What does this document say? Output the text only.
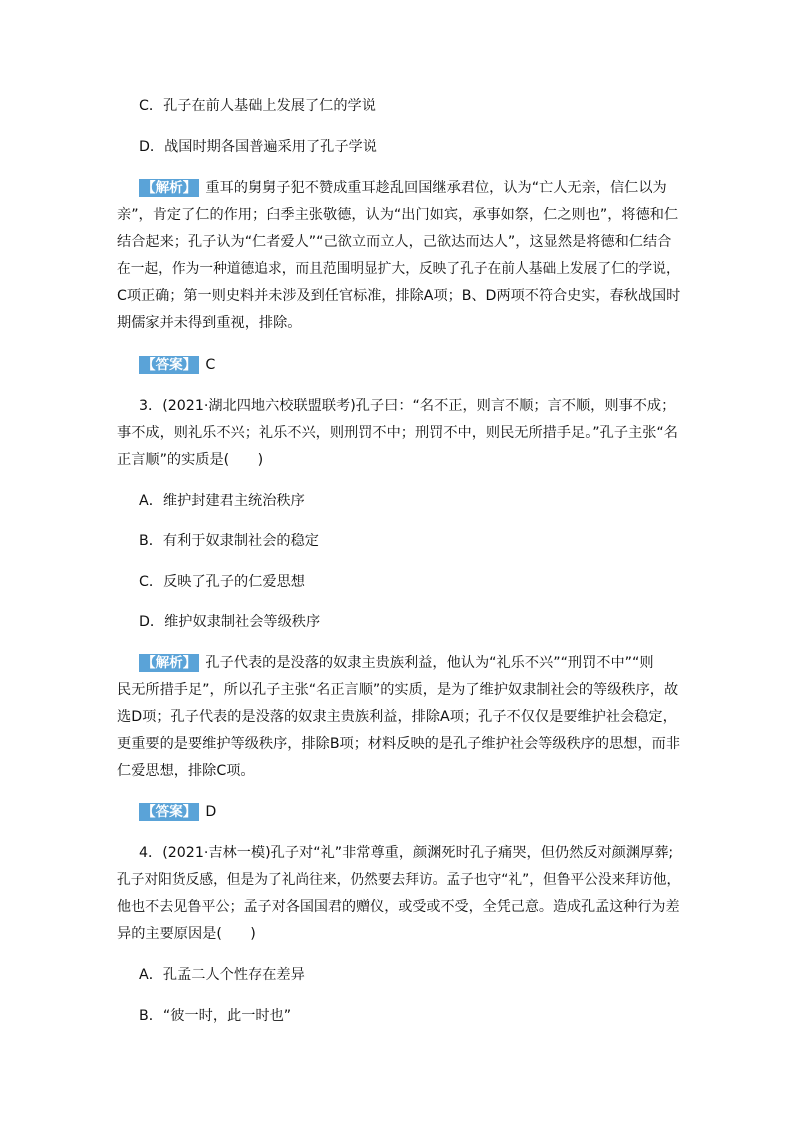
C．孔子在前人基础上发展了仁的学说
D．战国时期各国普遍采用了孔子学说
【解析】 重耳的舅舅子犯不赞成重耳趁乱回国继承君位，认为“亡人无亲，信仁以为
亲”，肯定了仁的作用；臼季主张敬德，认为“出门如宾，承事如祭，仁之则也”，将德和仁
结合起来；孔子认为“仁者爱人”“己欲立而立人，己欲达而达人”，这显然是将德和仁结合
在一起，作为一种道德追求，而且范围明显扩大，反映了孔子在前人基础上发展了仁的学说，
C项正确；第一则史料并未涉及到任官标准，排除A项；B、D两项不符合史实，春秋战国时
期儒家并未得到重视，排除。
【答案】 C
3．(2021·湖北四地六校联盟联考)孔子曰：“名不正，则言不顺；言不顺，则事不成；
事不成，则礼乐不兴；礼乐不兴，则刑罚不中；刑罚不中，则民无所措手足。”孔子主张“名
正言顺”的实质是(　　)
A．维护封建君主统治秩序
B．有利于奴隶制社会的稳定
C．反映了孔子的仁爱思想
D．维护奴隶制社会等级秩序
【解析】 孔子代表的是没落的奴隶主贵族利益，他认为“礼乐不兴”“刑罚不中”“则
民无所措手足”，所以孔子主张“名正言顺”的实质，是为了维护奴隶制社会的等级秩序，故
选D项；孔子代表的是没落的奴隶主贵族利益，排除A项；孔子不仅仅是要维护社会稳定，
更重要的是要维护等级秩序，排除B项；材料反映的是孔子维护社会等级秩序的思想，而非
仁爱思想，排除C项。
【答案】 D
4．(2021·吉林一模)孔子对“礼”非常尊重，颜渊死时孔子痛哭，但仍然反对颜渊厚葬;
孔子对阳货反感，但是为了礼尚往来，仍然要去拜访。孟子也守“礼”，但鲁平公没来拜访他，
他也不去见鲁平公；孟子对各国国君的赠仪，或受或不受，全凭己意。造成孔孟这种行为差
异的主要原因是(　　)
A．孔孟二人个性存在差异
B．“彼一时，此一时也”
